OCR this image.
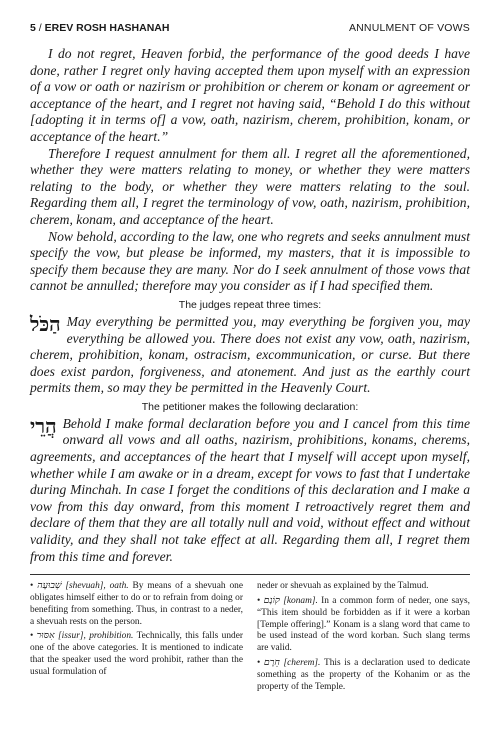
5 / EREV ROSH HASHANAH	ANNULMENT OF VOWS

I do not regret, Heaven forbid, the performance of the good deeds I have done, rather I regret only having accepted them upon myself with an expression of a vow or oath or nazirism or prohibition or cherem or konam or agreement or acceptance of the heart, and I regret not having said, “Behold I do this without [adopting it in terms of] a vow, oath, nazirism, cherem, prohibition, konam, or acceptance of the heart.”

Therefore I request annulment for them all. I regret all the aforementioned, whether they were matters relating to money, or whether they were matters relating to the body, or whether they were matters relating to the soul. Regarding them all, I regret the terminology of vow, oath, nazirism, prohibition, cherem, konam, and acceptance of the heart.

Now behold, according to the law, one who regrets and seeks annulment must specify the vow, but please be informed, my masters, that it is impossible to specify them because they are many. Nor do I seek annulment of those vows that cannot be annulled; therefore may you consider as if I had specified them.

The judges repeat three times:

הַכֹּל May everything be permitted you, may everything be forgiven you, may everything be allowed you. There does not exist any vow, oath, nazirism, cherem, prohibition, konam, ostracism, excommunication, or curse. But there does exist pardon, forgiveness, and atonement. And just as the earthly court permits them, so may they be permitted in the Heavenly Court.

The petitioner makes the following declaration:

הֲרֵי Behold I make formal declaration before you and I cancel from this time onward all vows and all oaths, nazirism, prohibitions, konams, cherems, agreements, and acceptances of the heart that I myself will accept upon myself, whether while I am awake or in a dream, except for vows to fast that I undertake during Minchah. In case I forget the conditions of this declaration and I make a vow from this day onward, from this moment I retroactively regret them and declare of them that they are all totally null and void, without effect and without validity, and they shall not take effect at all. Regarding them all, I regret them from this time and forever.

• שְׁבוּעָה [shevuah], oath. By means of a shevuah one obligates himself either to do or to refrain from doing or benefiting from something. Thus, in contrast to a neder, a shevuah rests on the person.

• אִסּוּר [issur], prohibition. Technically, this falls under one of the above categories. It is mentioned to indicate that the speaker used the word prohibit, rather than the usual formulation of

neder or shevuah as explained by the Talmud.

• קוֹנָם [konam]. In a common form of neder, one says, “This item should be forbidden as if it were a korban [Temple offering].” Konam is a slang word that came to be used instead of the word korban. Such slang terms are valid.

• חֵרֶם [cherem]. This is a declaration used to dedicate something as the property of the Kohanim or as the property of the Temple.
